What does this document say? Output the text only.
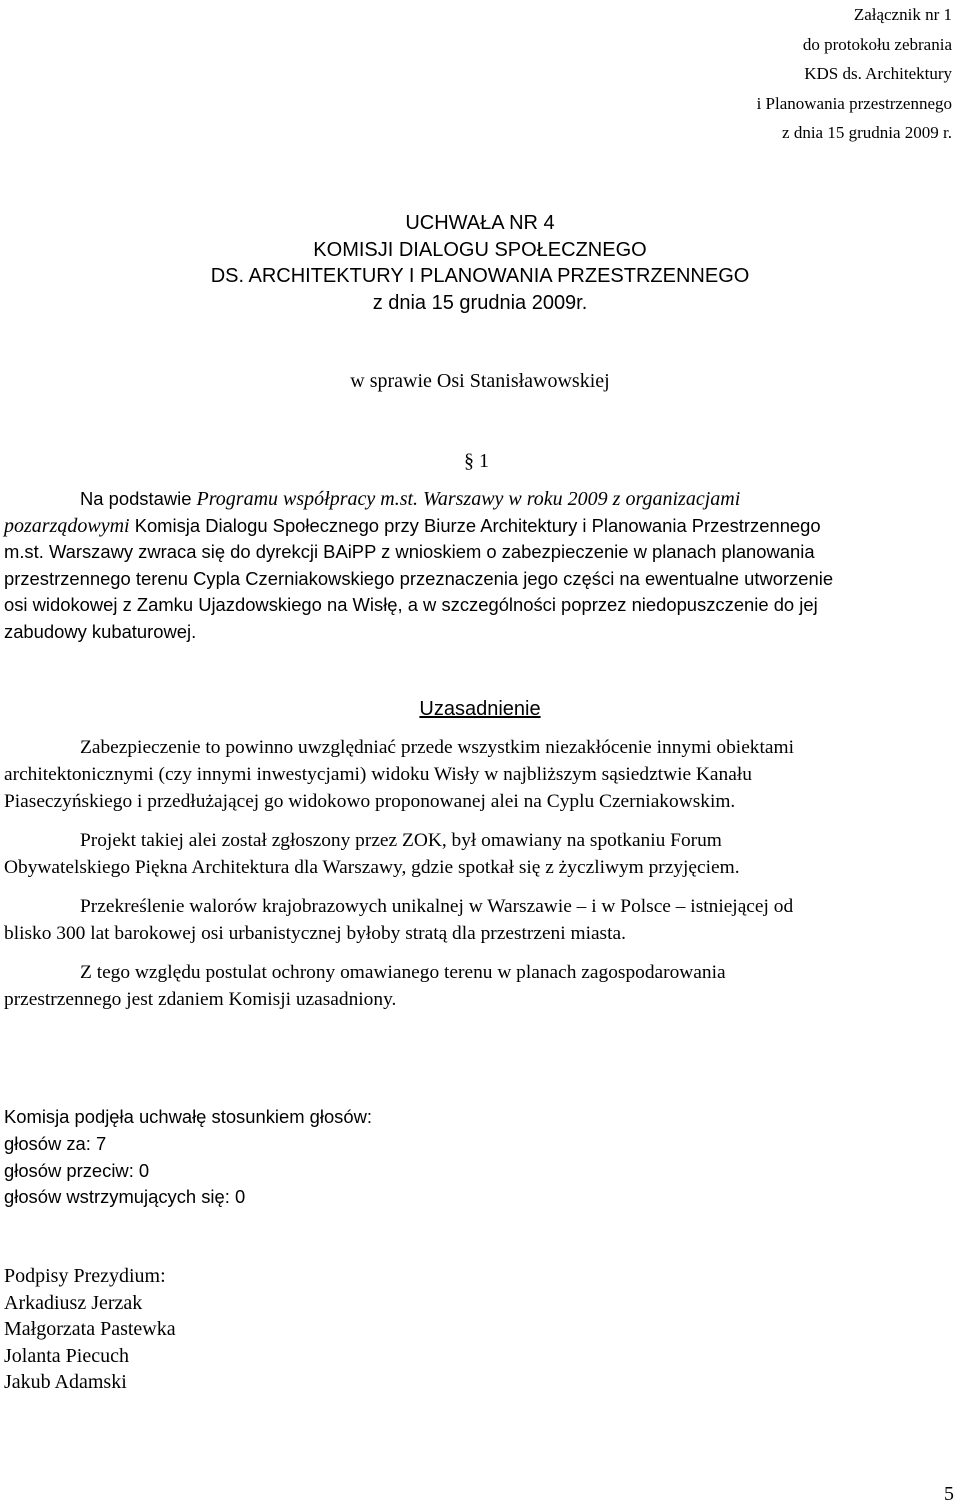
Załącznik nr 1
do protokołu zebrania
KDS ds. Architektury
i Planowania przestrzennego
z dnia 15 grudnia 2009 r.
UCHWAŁA NR 4
KOMISJI DIALOGU SPOŁECZNEGO
DS. ARCHITEKTURY I PLANOWANIA PRZESTRZENNEGO
z dnia 15 grudnia 2009r.
w sprawie Osi Stanisławowskiej
§ 1
Na podstawie Programu współpracy m.st. Warszawy w roku 2009 z organizacjami
pozarządowymi Komisja Dialogu Społecznego przy Biurze Architektury i Planowania Przestrzennego
m.st. Warszawy zwraca się do dyrekcji BAiPP z wnioskiem o zabezpieczenie w planach planowania
przestrzennego terenu Cypla Czerniakowskiego przeznaczenia jego części na ewentualne utworzenie
osi widokowej z Zamku Ujazdowskiego na Wisłę, a w szczególności poprzez niedopuszczenie do jej
zabudowy kubaturowej.
Uzasadnienie
Zabezpieczenie to powinno uwzględniać przede wszystkim niezakłócenie innymi obiektami
architektonicznymi (czy innymi inwestycjami) widoku Wisły w najbliższym sąsiedztwie Kanału
Piaseczyńskiego i przedłużającej go widokowo proponowanej alei na Cyplu Czerniakowskim.
Projekt takiej alei został zgłoszony przez ZOK, był omawiany na spotkaniu Forum
Obywatelskiego Piękna Architektura dla Warszawy, gdzie spotkał się z życzliwym przyjęciem.
Przekreślenie walorów krajobrazowych unikalnej w Warszawie – i w Polsce – istniejącej od
blisko 300 lat barokowej osi urbanistycznej byłoby stratą dla przestrzeni miasta.
Z tego względu postulat ochrony omawianego terenu w planach zagospodarowania
przestrzennego jest zdaniem Komisji uzasadniony.
Komisja podjęła uchwałę stosunkiem głosów:
głosów za: 7
głosów przeciw: 0
głosów wstrzymujących się: 0
Podpisy Prezydium:
Arkadiusz Jerzak
Małgorzata Pastewka
Jolanta Piecuch
Jakub Adamski
5
